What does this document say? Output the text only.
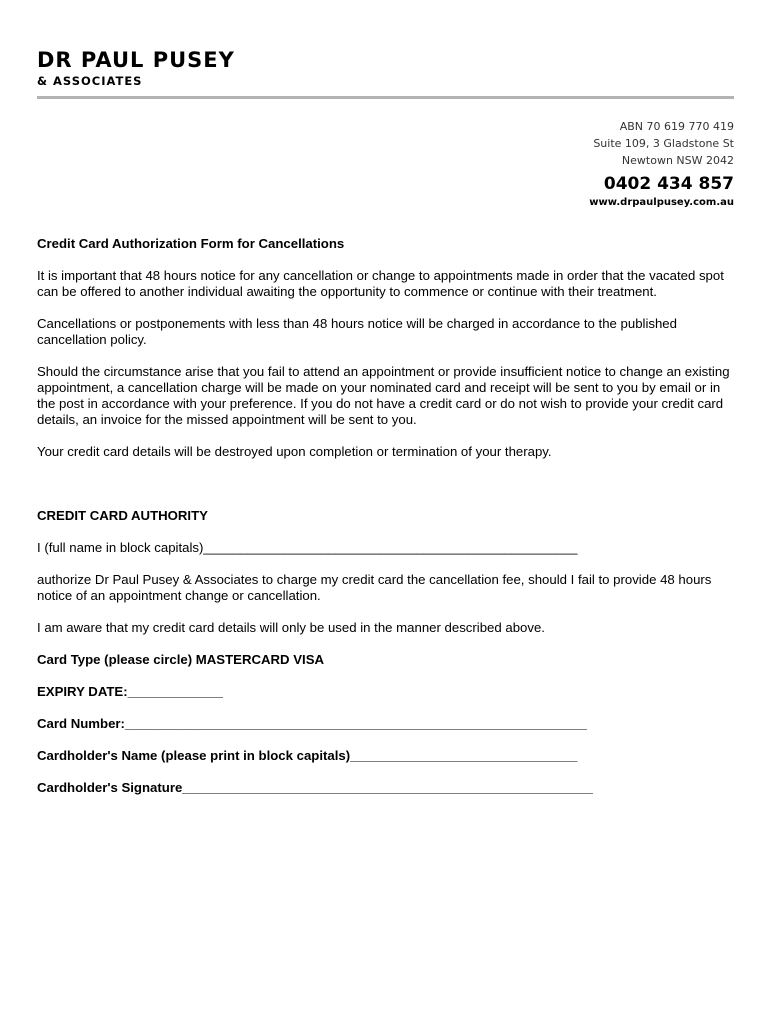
DR PAUL PUSEY
& ASSOCIATES
ABN 70 619 770 419
Suite 109, 3 Gladstone St
Newtown NSW 2042
0402 434 857
www.drpaulpusey.com.au

Credit Card Authorization Form for Cancellations

It is important that 48 hours notice for any cancellation or change to appointments made in order that the vacated spot can be offered to another individual awaiting the opportunity to commence or continue with their treatment.

Cancellations or postponements with less than 48 hours notice will be charged in accordance to the published cancellation policy.

Should the circumstance arise that you fail to attend an appointment or provide insufficient notice to change an existing appointment, a cancellation charge will be made on your nominated card and receipt will be sent to you by email or in the post in accordance with your preference. If you do not have a credit card or do not wish to provide your credit card details, an invoice for the missed appointment will be sent to you.

Your credit card details will be destroyed upon completion or termination of your therapy.

CREDIT CARD AUTHORITY

I (full name in block capitals)___________________________________________________

authorize Dr Paul Pusey & Associates to charge my credit card the cancellation fee, should I fail to provide 48 hours notice of an appointment change or cancellation.

I am aware that my credit card details will only be used in the manner described above.

Card Type (please circle) MASTERCARD VISA

EXPIRY DATE:_____________

Card Number:_______________________________________________________________

Cardholder's Name (please print in block capitals)_______________________________

Cardholder's Signature________________________________________________________
